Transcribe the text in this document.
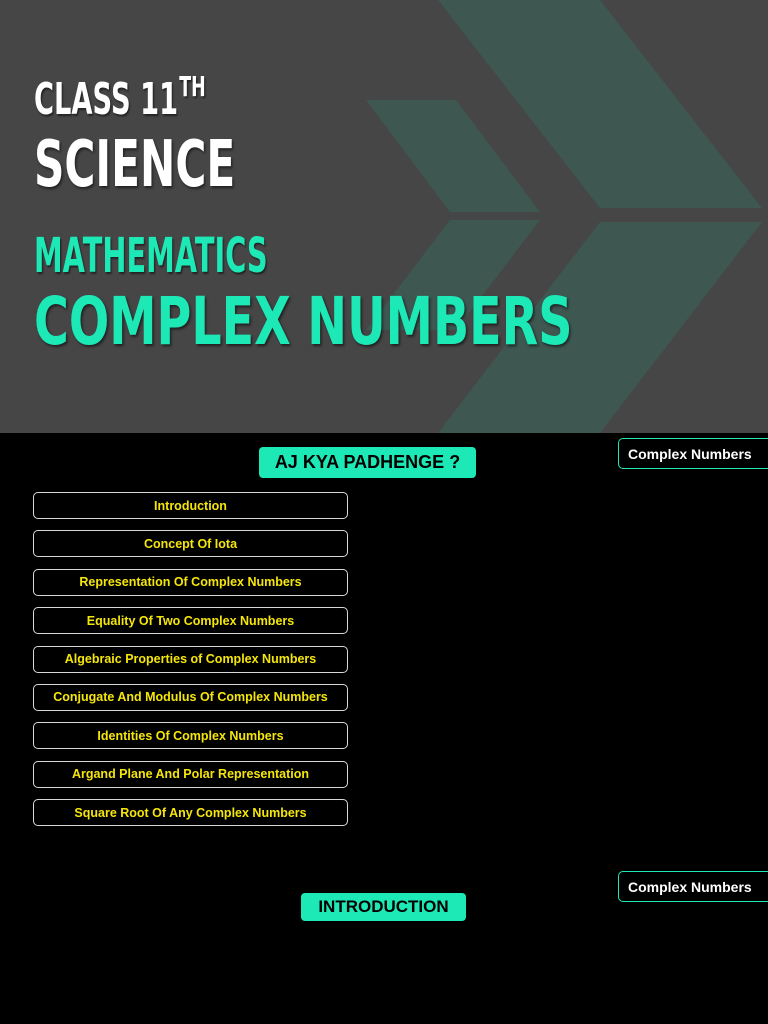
CLASS 11TH
SCIENCE
MATHEMATICS
COMPLEX NUMBERS
AJ KYA PADHENGE ?	Complex Numbers
Introduction
Concept Of Iota
Representation Of Complex Numbers
Equality Of Two Complex Numbers
Algebraic Properties of Complex Numbers
Conjugate And Modulus Of Complex Numbers
Identities Of Complex Numbers
Argand Plane And Polar Representation
Square Root Of Any Complex Numbers
Complex Numbers
INTRODUCTION
